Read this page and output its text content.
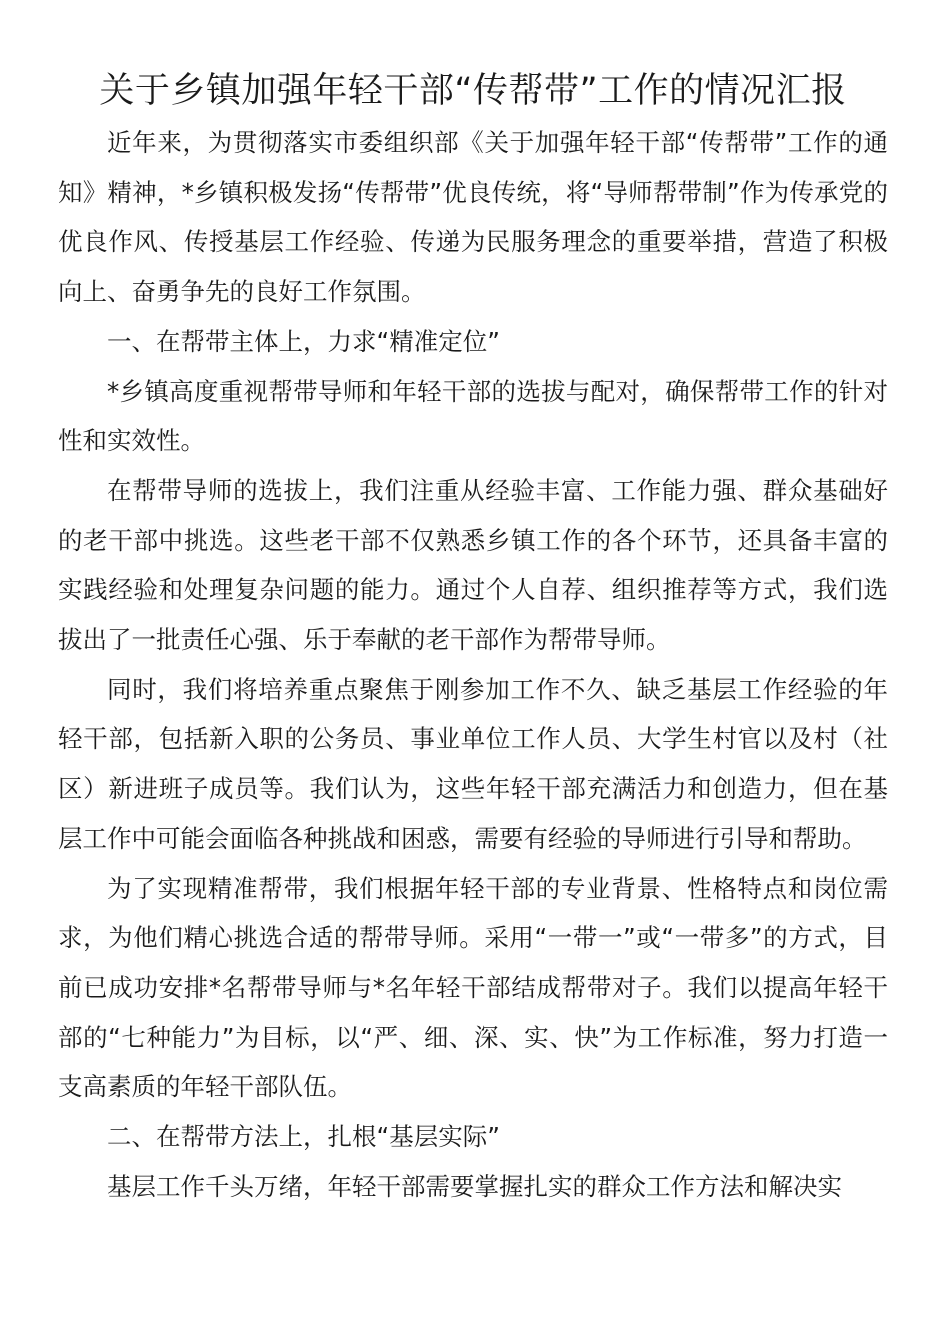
关于乡镇加强年轻干部“传帮带”工作的情况汇报

近年来，为贯彻落实市委组织部《关于加强年轻干部“传帮带”工作的通知》精神，*乡镇积极发扬“传帮带”优良传统，将“导师帮带制”作为传承党的优良作风、传授基层工作经验、传递为民服务理念的重要举措，营造了积极向上、奋勇争先的良好工作氛围。

一、在帮带主体上，力求“精准定位”

*乡镇高度重视帮带导师和年轻干部的选拔与配对，确保帮带工作的针对性和实效性。

在帮带导师的选拔上，我们注重从经验丰富、工作能力强、群众基础好的老干部中挑选。这些老干部不仅熟悉乡镇工作的各个环节，还具备丰富的实践经验和处理复杂问题的能力。通过个人自荐、组织推荐等方式，我们选拔出了一批责任心强、乐于奉献的老干部作为帮带导师。

同时，我们将培养重点聚焦于刚参加工作不久、缺乏基层工作经验的年轻干部，包括新入职的公务员、事业单位工作人员、大学生村官以及村（社区）新进班子成员等。我们认为，这些年轻干部充满活力和创造力，但在基层工作中可能会面临各种挑战和困惑，需要有经验的导师进行引导和帮助。

为了实现精准帮带，我们根据年轻干部的专业背景、性格特点和岗位需求，为他们精心挑选合适的帮带导师。采用“一带一”或“一带多”的方式，目前已成功安排*名帮带导师与*名年轻干部结成帮带对子。我们以提高年轻干部的“七种能力”为目标，以“严、细、深、实、快”为工作标准，努力打造一支高素质的年轻干部队伍。

二、在帮带方法上，扎根“基层实际”

基层工作千头万绪，年轻干部需要掌握扎实的群众工作方法和解决实
